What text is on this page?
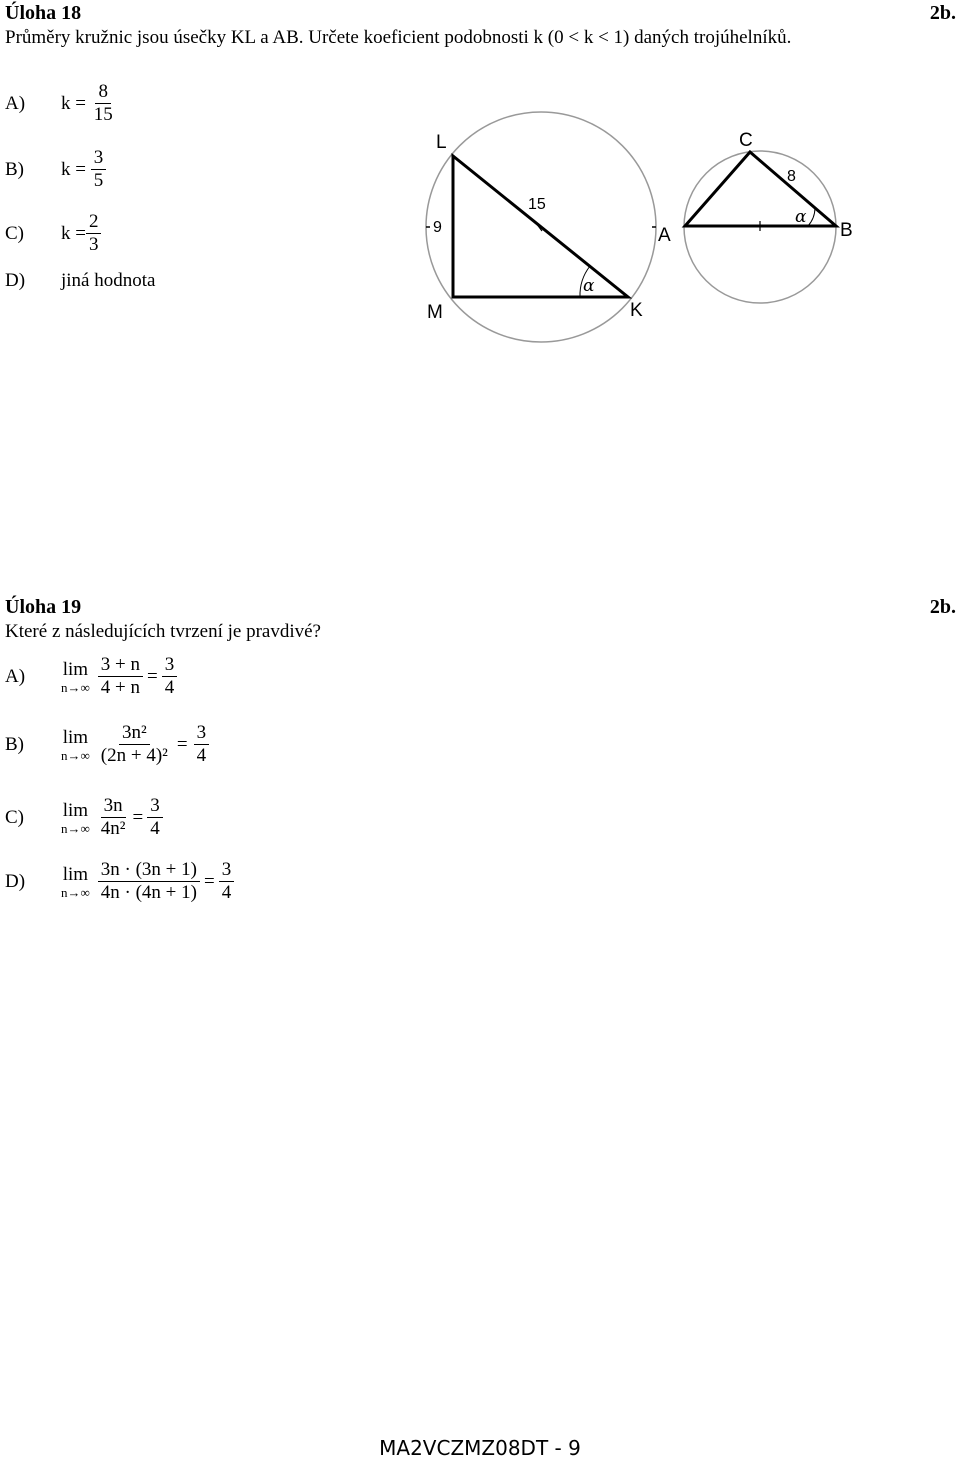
Úloha 18	2b.
Průměry kružnic jsou úsečky KL a AB. Určete koeficient podobnosti k (0 < k < 1) daných trojúhelníků.
A)	k
=
$\frac{8}{15}$
B)	k
=
$\frac{3}{5}$
C)	k
= $\frac{2}{3}$
D)	jiná hodnota
L
M	K
9
15
α
A	B
C
8
α
Úloha 19	2b.
Které z následujících tvrzení je pravdivé?
A)	lim
$n\to\infty \frac{3 + n}{4 + n} = \frac{3}{4}$
B)	lim
$n\to\infty \frac{\text{3n²}}{\text{(2n + 4)²}} = \frac{3}{4}$
C)	lim
$n\to\infty \frac{3n}{\text{4n²}} = \frac{3}{4}$
D)	lim
$n\to\infty \frac{3n \cdot (3n + 1)}{4n \cdot (4n + 1)} = \frac{3}{4}$
MA2VCZMZ08DT - 9
